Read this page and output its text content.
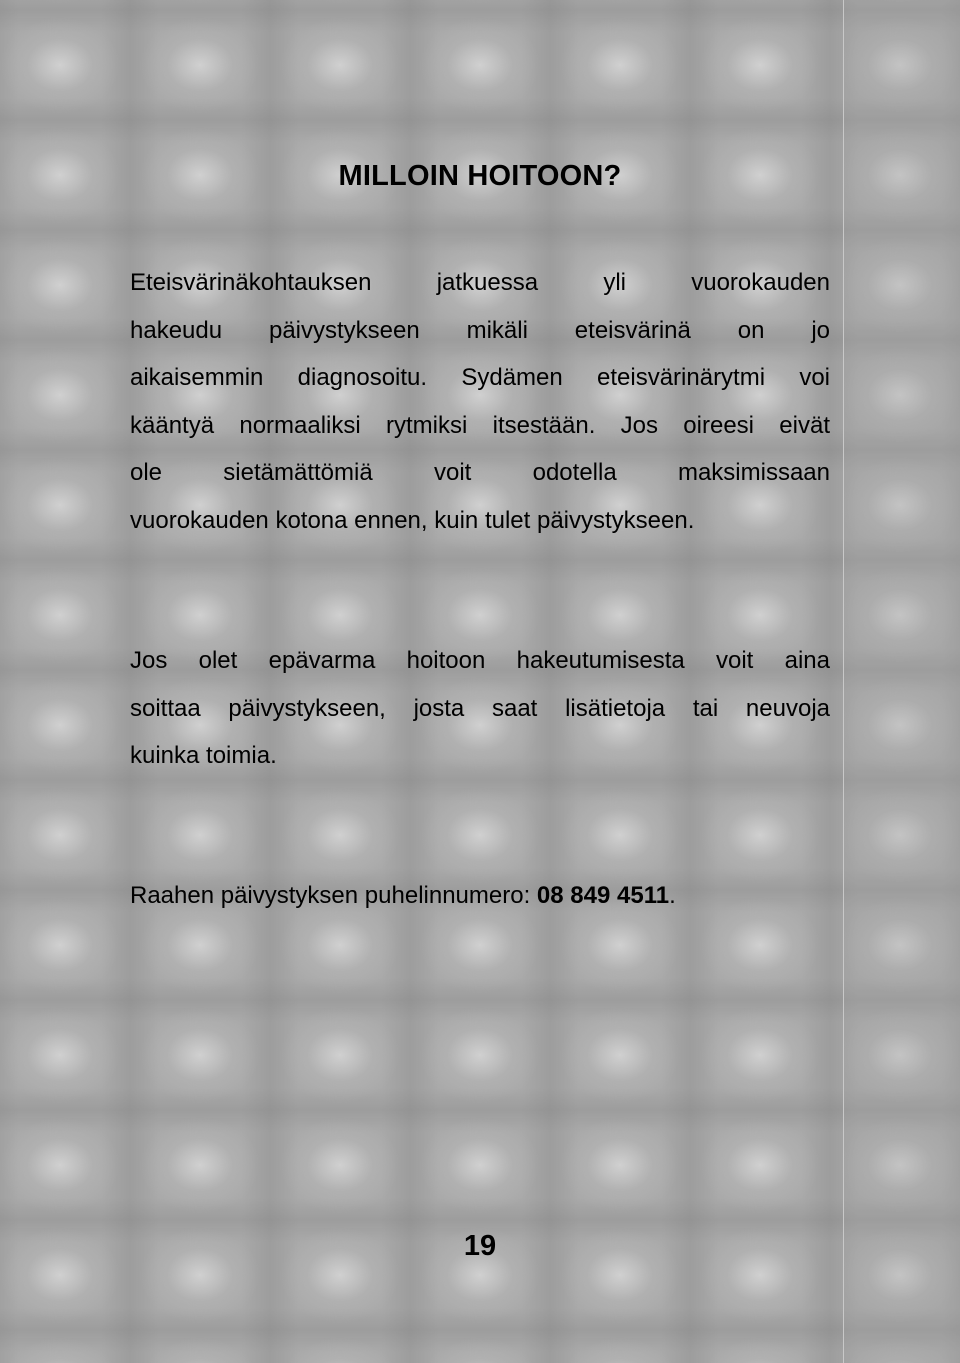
MILLOIN HOITOON?
Eteisvärinäkohtauksen jatkuessa yli vuorokauden
hakeudu päivystykseen mikäli eteisvärinä on jo
aikaisemmin diagnosoitu. Sydämen eteisvärinärytmi voi
kääntyä normaaliksi rytmiksi itsestään. Jos oireesi eivät
ole sietämättömiä voit odotella maksimissaan
vuorokauden kotona ennen, kuin tulet päivystykseen.
Jos olet epävarma hoitoon hakeutumisesta voit aina
soittaa päivystykseen, josta saat lisätietoja tai neuvoja
kuinka toimia.
Raahen päivystyksen puhelinnumero: 08 849 4511.
19
